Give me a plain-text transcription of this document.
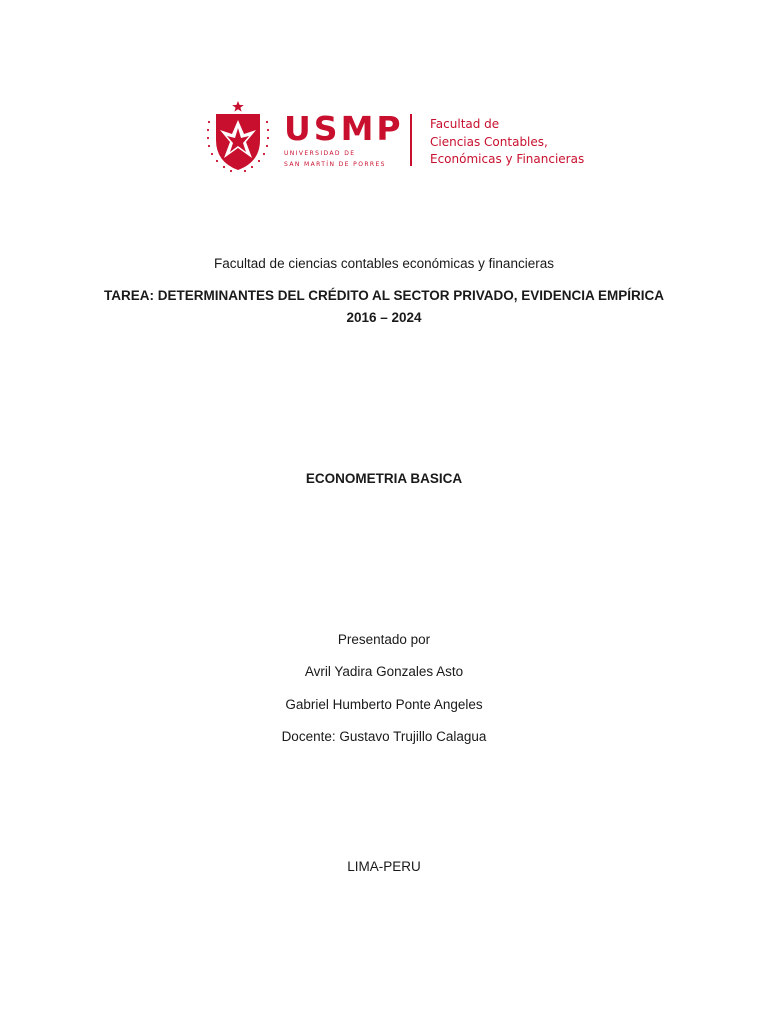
USMP
UNIVERSIDAD DE
SAN MARTÍN DE PORRES
Facultad de
Ciencias Contables,
Económicas y Financieras
Facultad de ciencias contables económicas y financieras
TAREA: DETERMINANTES DEL CRÉDITO AL SECTOR PRIVADO, EVIDENCIA EMPÍRICA
2016 – 2024
ECONOMETRIA BASICA
Presentado por
Avril Yadira Gonzales Asto
Gabriel Humberto Ponte Angeles
Docente: Gustavo Trujillo Calagua
LIMA-PERU
